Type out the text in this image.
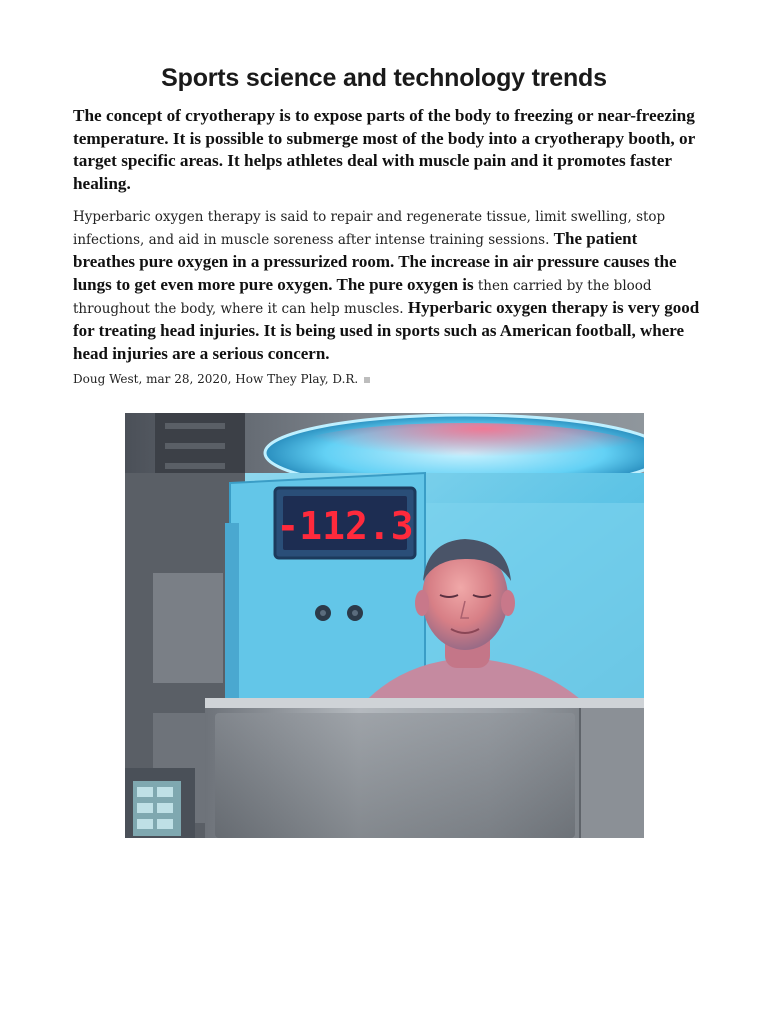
Sports science and technology trends

The concept of cryotherapy is to expose parts of the body to freezing or near-freezing temperature. It is possible to submerge most of the body into a cryotherapy booth, or target specific areas. It helps athletes deal with muscle pain and it promotes faster healing.

Hyperbaric oxygen therapy is said to repair and regenerate tissue, limit swelling, stop infections, and aid in muscle soreness after intense training sessions. The patient breathes pure oxygen in a pressurized room. The increase in air pressure causes the lungs to get even more pure oxygen. The pure oxygen is then carried by the blood throughout the body, where it can help muscles. Hyperbaric oxygen therapy is very good for treating head injuries. It is being used in sports such as American football, where head injuries are a serious concern.

Doug West, mar 28, 2020, How They Play, D.R.
-112.3
